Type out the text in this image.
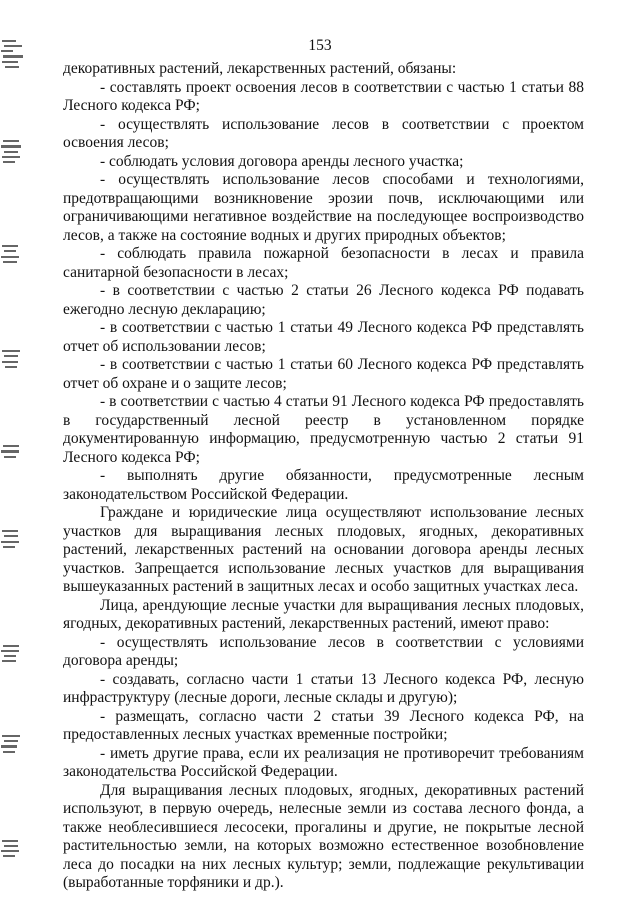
153

декоративных растений, лекарственных растений, обязаны:

- составлять проект освоения лесов в соответствии с частью 1 статьи 88 Лесного кодекса РФ;

- осуществлять использование лесов в соответствии с проектом освоения лесов;

- соблюдать условия договора аренды лесного участка;

- осуществлять использование лесов способами и технологиями, предотвращающими возникновение эрозии почв, исключающими или ограничивающими негативное воздействие на последующее воспроизводство лесов, а также на состояние водных и других природных объектов;

- соблюдать правила пожарной безопасности в лесах и правила санитарной безопасности в лесах;

- в соответствии с частью 2 статьи 26 Лесного кодекса РФ подавать ежегодно лесную декларацию;

- в соответствии с частью 1 статьи 49 Лесного кодекса РФ представлять отчет об использовании лесов;

- в соответствии с частью 1 статьи 60 Лесного кодекса РФ представлять отчет об охране и о защите лесов;

- в соответствии с частью 4 статьи 91 Лесного кодекса РФ предоставлять в государственный лесной реестр в установленном порядке документированную информацию, предусмотренную частью 2 статьи 91 Лесного кодекса РФ;

- выполнять другие обязанности, предусмотренные лесным законодательством Российской Федерации.

Граждане и юридические лица осуществляют использование лесных участков для выращивания лесных плодовых, ягодных, декоративных растений, лекарственных растений на основании договора аренды лесных участков. Запрещается использование лесных участков для выращивания вышеуказанных растений в защитных лесах и особо защитных участках леса.

Лица, арендующие лесные участки для выращивания лесных плодовых, ягодных, декоративных растений, лекарственных растений, имеют право:

- осуществлять использование лесов в соответствии с условиями договора аренды;

- создавать, согласно части 1 статьи 13 Лесного кодекса РФ, лесную инфраструктуру (лесные дороги, лесные склады и другую);

- размещать, согласно части 2 статьи 39 Лесного кодекса РФ, на предоставленных лесных участках временные постройки;

- иметь другие права, если их реализация не противоречит требованиям законодательства Российской Федерации.

Для выращивания лесных плодовых, ягодных, декоративных растений используют, в первую очередь, нелесные земли из состава лесного фонда, а также необлесившиеся лесосеки, прогалины и другие, не покрытые лесной растительностью земли, на которых возможно естественное возобновление леса до посадки на них лесных культур; земли, подлежащие рекультивации (выработанные торфяники и др.).
